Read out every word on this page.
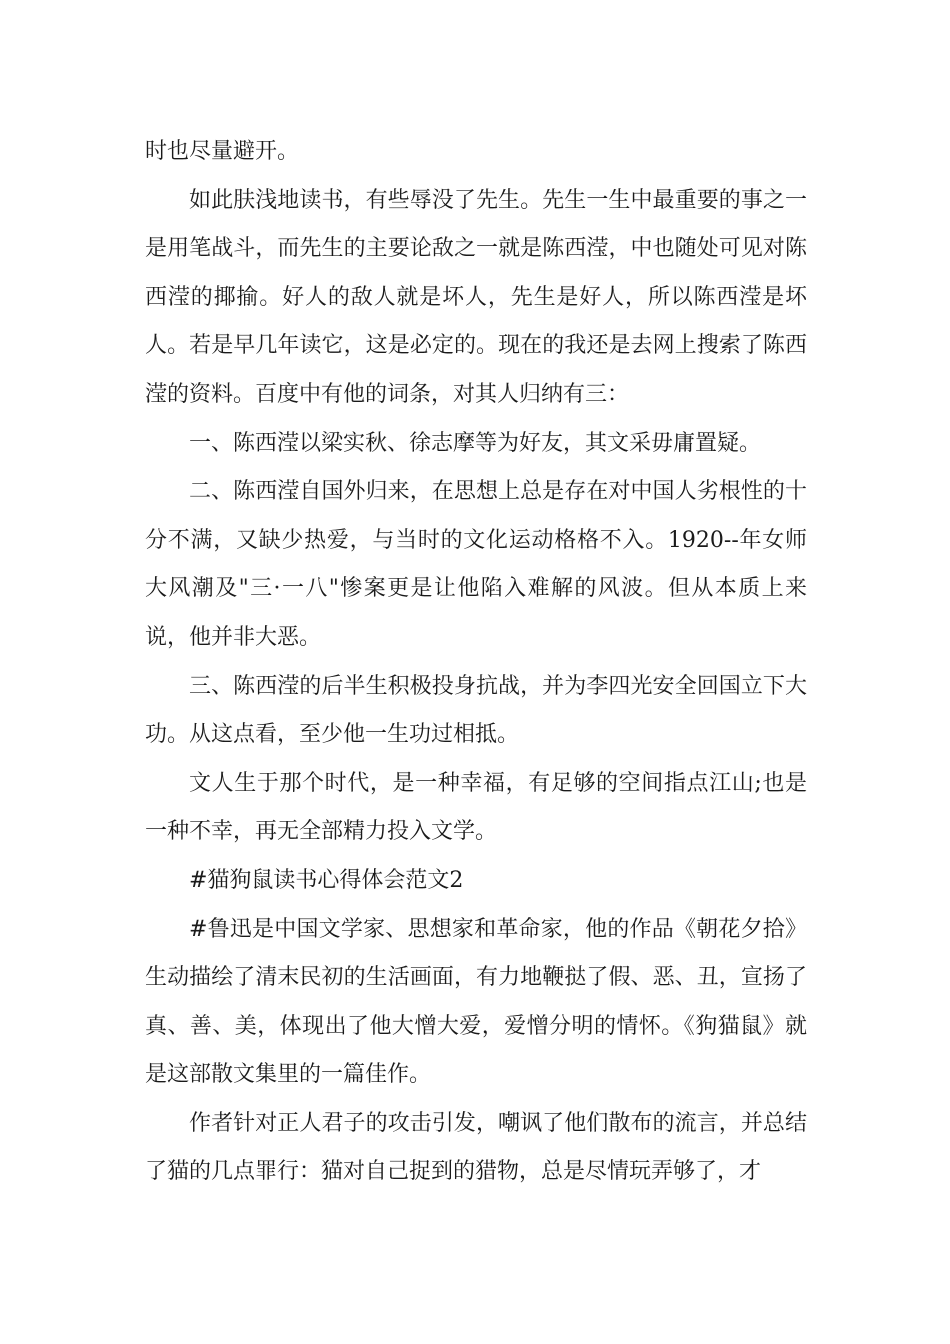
时也尽量避开。

如此肤浅地读书，有些辱没了先生。先生一生中最重要的事之一是用笔战斗，而先生的主要论敌之一就是陈西滢，中也随处可见对陈西滢的揶揄。好人的敌人就是坏人，先生是好人，所以陈西滢是坏人。若是早几年读它，这是必定的。现在的我还是去网上搜索了陈西滢的资料。百度中有他的词条，对其人归纳有三：

一、陈西滢以梁实秋、徐志摩等为好友，其文采毋庸置疑。

二、陈西滢自国外归来，在思想上总是存在对中国人劣根性的十分不满，又缺少热爱，与当时的文化运动格格不入。1920--年女师大风潮及"三·一八"惨案更是让他陷入难解的风波。但从本质上来说，他并非大恶。

三、陈西滢的后半生积极投身抗战，并为李四光安全回国立下大功。从这点看，至少他一生功过相抵。

文人生于那个时代，是一种幸福，有足够的空间指点江山;也是一种不幸，再无全部精力投入文学。

#猫狗鼠读书心得体会范文2

#鲁迅是中国文学家、思想家和革命家，他的作品《朝花夕拾》生动描绘了清末民初的生活画面，有力地鞭挞了假、恶、丑，宣扬了真、善、美，体现出了他大憎大爱，爱憎分明的情怀。《狗猫鼠》就是这部散文集里的一篇佳作。

作者针对正人君子的攻击引发，嘲讽了他们散布的流言，并总结了猫的几点罪行：猫对自己捉到的猎物，总是尽情玩弄够了，才
